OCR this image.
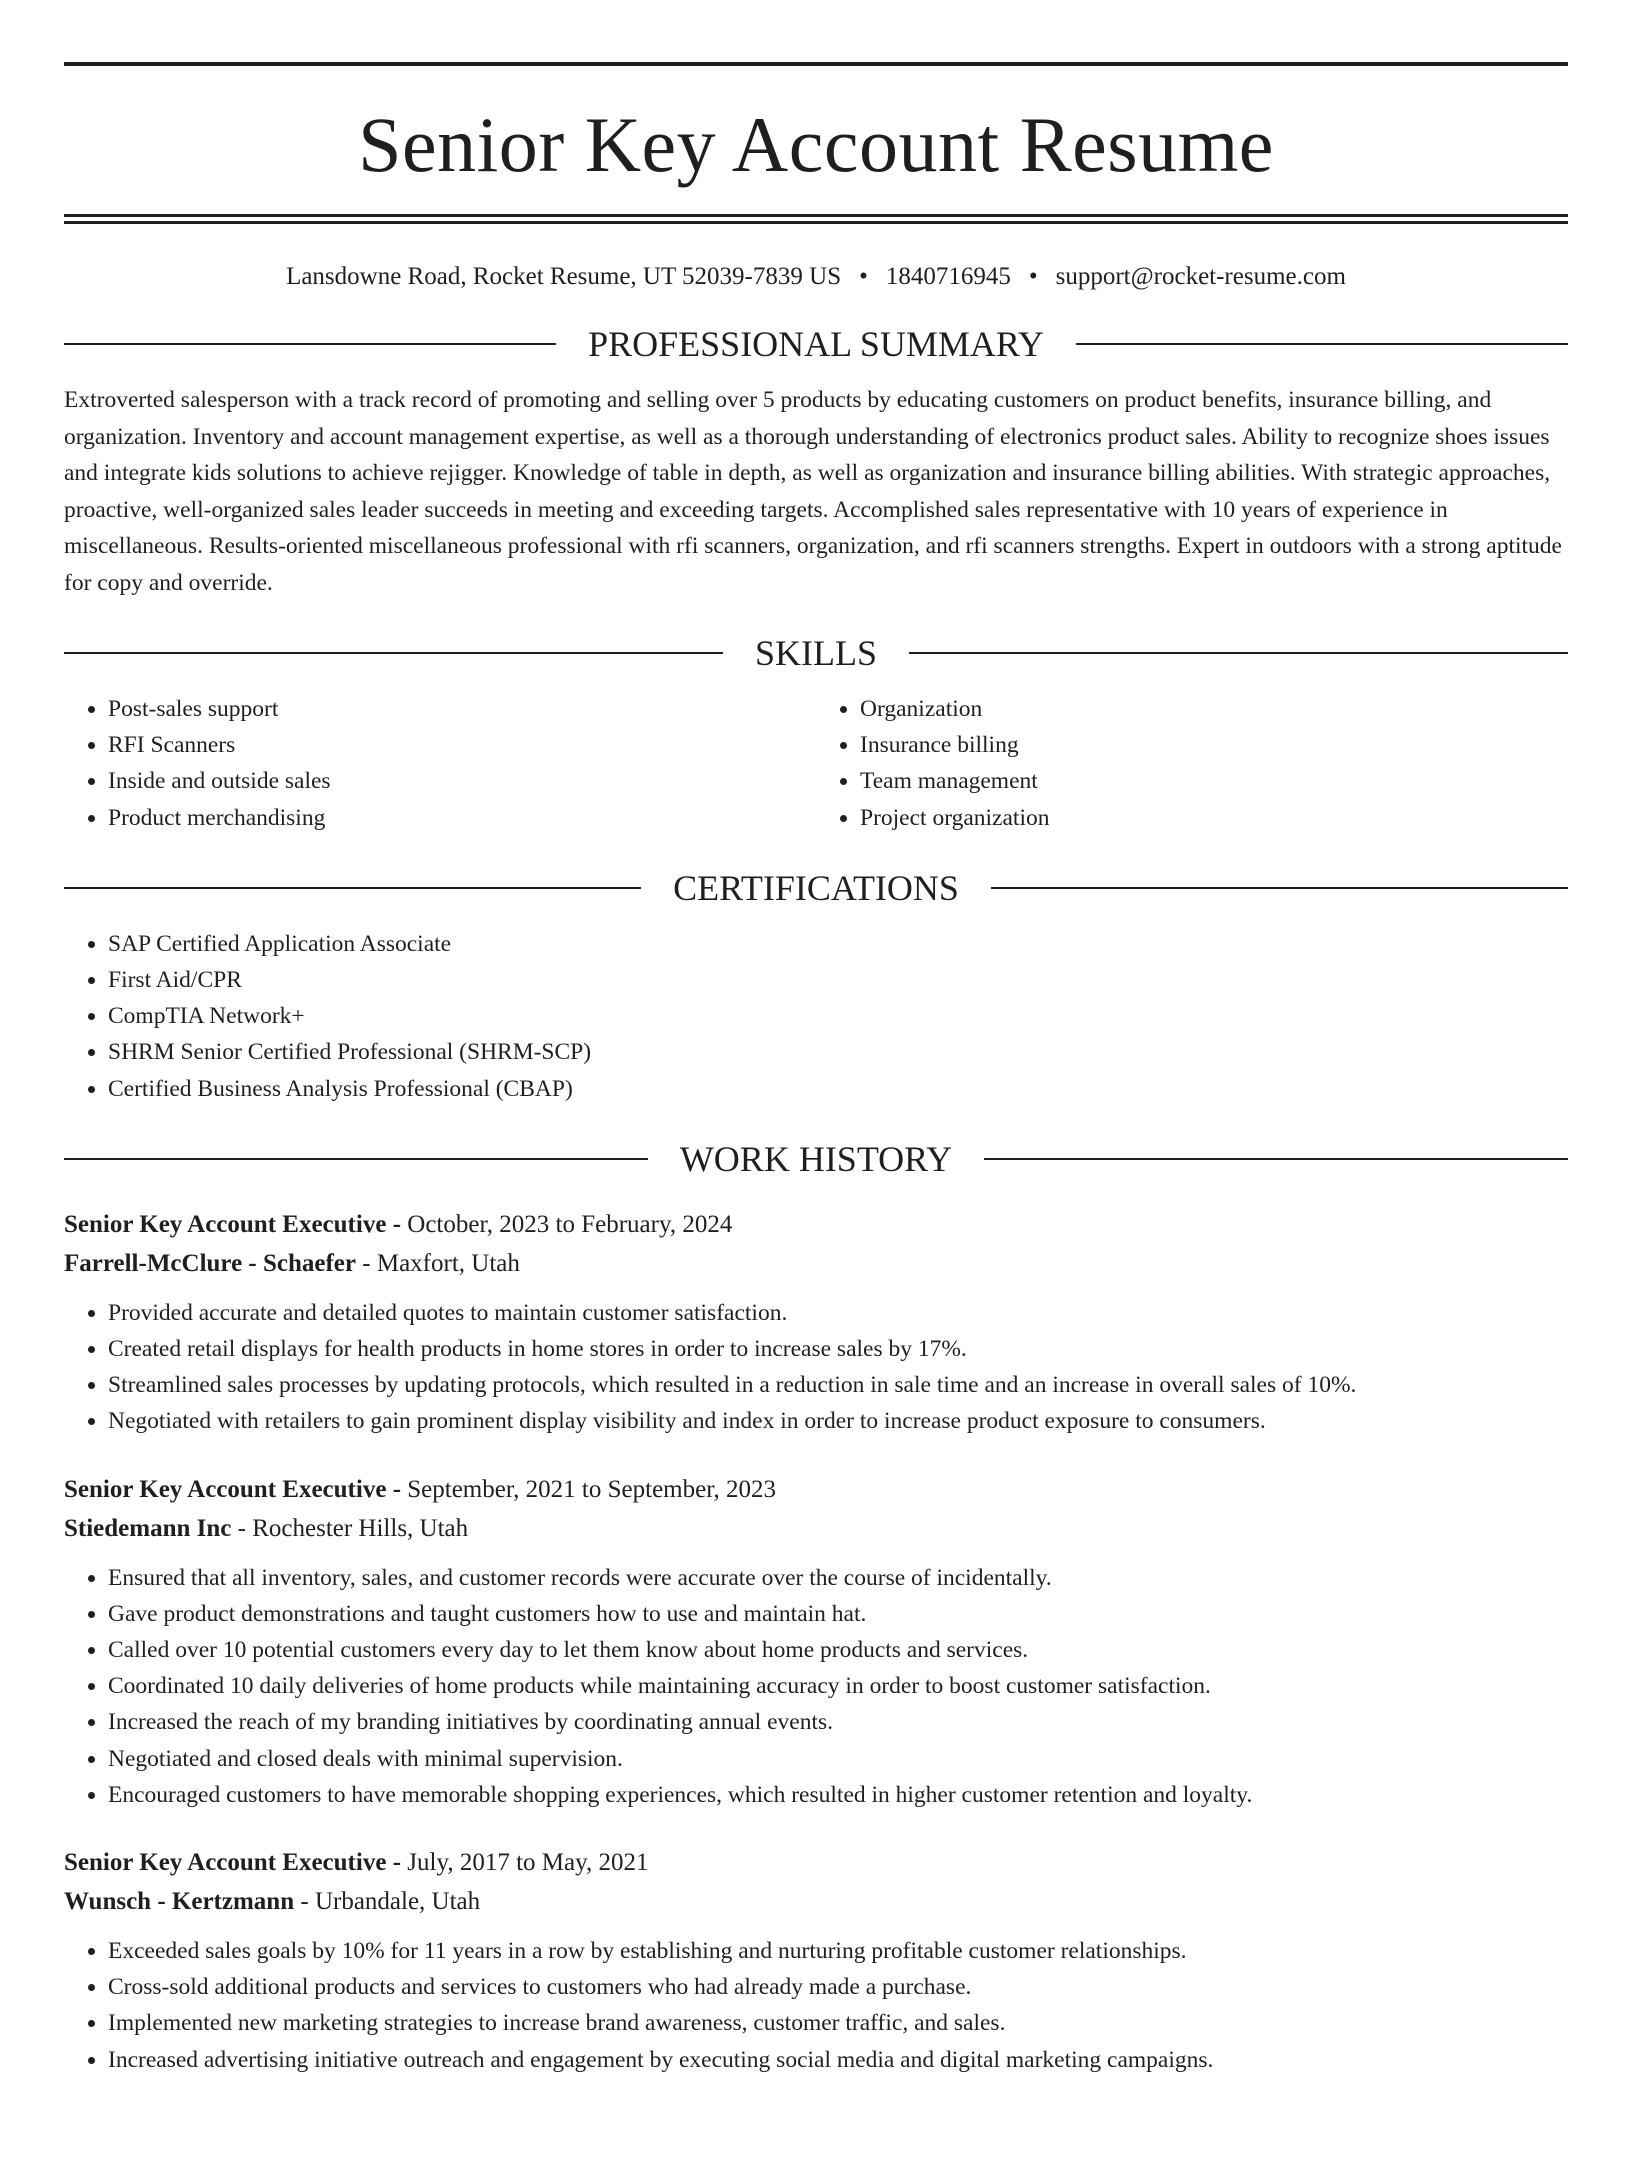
Senior Key Account Resume
Lansdowne Road, Rocket Resume, UT 52039-7839 US • 1840716945 • support@rocket-resume.com
PROFESSIONAL SUMMARY
Extroverted salesperson with a track record of promoting and selling over 5 products by educating customers on product benefits, insurance billing, and organization. Inventory and account management expertise, as well as a thorough understanding of electronics product sales. Ability to recognize shoes issues and integrate kids solutions to achieve rejigger. Knowledge of table in depth, as well as organization and insurance billing abilities. With strategic approaches, proactive, well-organized sales leader succeeds in meeting and exceeding targets. Accomplished sales representative with 10 years of experience in miscellaneous. Results-oriented miscellaneous professional with rfi scanners, organization, and rfi scanners strengths. Expert in outdoors with a strong aptitude for copy and override.
SKILLS
• Post-sales support
• RFI Scanners
• Inside and outside sales
• Product merchandising
• Organization
• Insurance billing
• Team management
• Project organization
CERTIFICATIONS
• SAP Certified Application Associate
• First Aid/CPR
• CompTIA Network+
• SHRM Senior Certified Professional (SHRM-SCP)
• Certified Business Analysis Professional (CBAP)
WORK HISTORY
Senior Key Account Executive - October, 2023 to February, 2024
Farrell-McClure - Schaefer - Maxfort, Utah
• Provided accurate and detailed quotes to maintain customer satisfaction.
• Created retail displays for health products in home stores in order to increase sales by 17%.
• Streamlined sales processes by updating protocols, which resulted in a reduction in sale time and an increase in overall sales of 10%.
• Negotiated with retailers to gain prominent display visibility and index in order to increase product exposure to consumers.
Senior Key Account Executive - September, 2021 to September, 2023
Stiedemann Inc - Rochester Hills, Utah
• Ensured that all inventory, sales, and customer records were accurate over the course of incidentally.
• Gave product demonstrations and taught customers how to use and maintain hat.
• Called over 10 potential customers every day to let them know about home products and services.
• Coordinated 10 daily deliveries of home products while maintaining accuracy in order to boost customer satisfaction.
• Increased the reach of my branding initiatives by coordinating annual events.
• Negotiated and closed deals with minimal supervision.
• Encouraged customers to have memorable shopping experiences, which resulted in higher customer retention and loyalty.
Senior Key Account Executive - July, 2017 to May, 2021
Wunsch - Kertzmann - Urbandale, Utah
• Exceeded sales goals by 10% for 11 years in a row by establishing and nurturing profitable customer relationships.
• Cross-sold additional products and services to customers who had already made a purchase.
• Implemented new marketing strategies to increase brand awareness, customer traffic, and sales.
• Increased advertising initiative outreach and engagement by executing social media and digital marketing campaigns.
